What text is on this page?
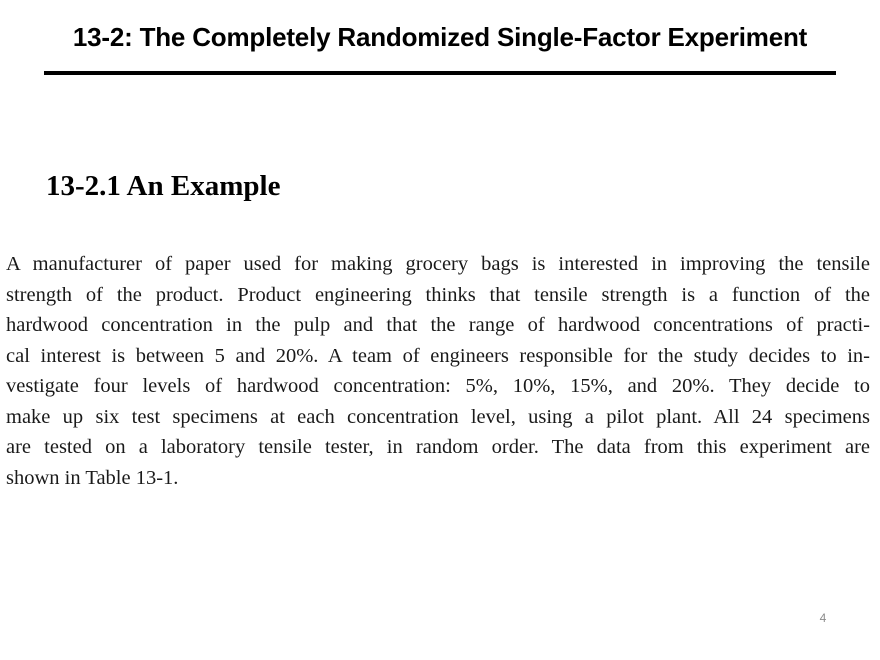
13-2: The Completely Randomized Single-Factor Experiment
13-2.1 An Example
A manufacturer of paper used for making grocery bags is interested in improving the tensile
strength of the product. Product engineering thinks that tensile strength is a function of the
hardwood concentration in the pulp and that the range of hardwood concentrations of practi-
cal interest is between 5 and 20%. A team of engineers responsible for the study decides to in-
vestigate four levels of hardwood concentration: 5%, 10%, 15%, and 20%. They decide to
make up six test specimens at each concentration level, using a pilot plant. All 24 specimens
are tested on a laboratory tensile tester, in random order. The data from this experiment are
shown in Table 13-1.
4
